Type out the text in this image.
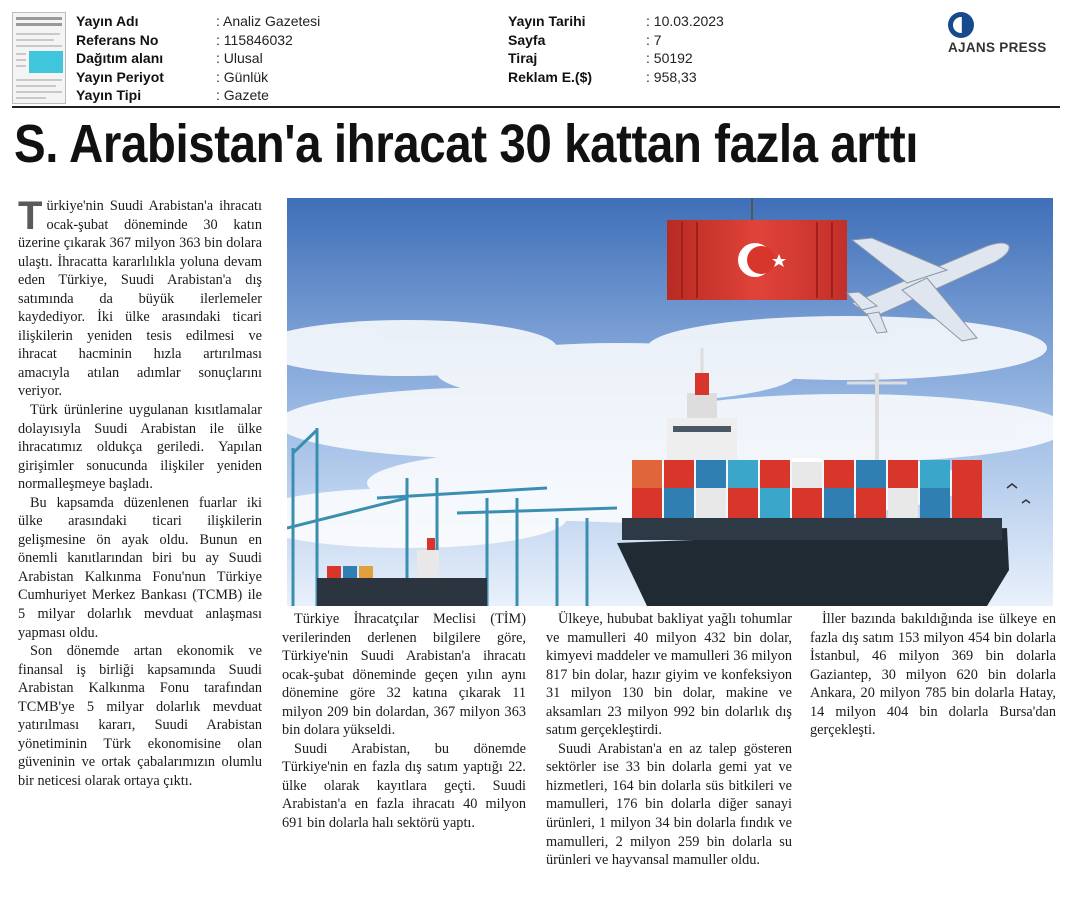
Yayın Adı	: Analiz Gazetesi
Referans No	: 115846032
Dağıtım alanı	: Ulusal
Yayın Periyot	: Günlük
Yayın Tipi	: Gazete
Yayın Tarihi	: 10.03.2023
Sayfa	: 7
Tiraj	: 50192
Reklam E.($)	: 958,33
AJANS PRESS
S. Arabistan'a ihracat 30 kattan fazla arttı

Türkiye'nin Suudi Arabistan'a ihracatı ocak-şubat döneminde 30 katın üzerine çıkarak 367 milyon 363 bin dolara ulaştı. İhracatta kararlılıkla yoluna devam eden Türkiye, Suudi Arabistan'a dış satımında da büyük ilerlemeler kaydediyor. İki ülke arasındaki ticari ilişkilerin yeniden tesis edilmesi ve ihracat hacminin hızla artırılması amacıyla atılan adımlar sonuçlarını veriyor.

Türk ürünlerine uygulanan kısıtlamalar dolayısıyla Suudi Arabistan ile ülke ihracatımız oldukça geriledi. Yapılan girişimler sonucunda ilişkiler yeniden normalleşmeye başladı.

Bu kapsamda düzenlenen fuarlar iki ülke arasındaki ticari ilişkilerin gelişmesine ön ayak oldu. Bunun en önemli kanıtlarından biri bu ay Suudi Arabistan Kalkınma Fonu'nun Türkiye Cumhuriyet Merkez Bankası (TCMB) ile 5 milyar dolarlık mevduat anlaşması yapması oldu.

Son dönemde artan ekonomik ve finansal iş birliği kapsamında Suudi Arabistan Kalkınma Fonu tarafından TCMB'ye 5 milyar dolarlık mevduat yatırılması kararı, Suudi Arabistan yönetiminin Türk ekonomisine olan güveninin ve ortak çabalarımızın olumlu bir neticesi olarak ortaya çıktı.

Türkiye İhracatçılar Meclisi (TİM) verilerinden derlenen bilgilere göre, Türkiye'nin Suudi Arabistan'a ihracatı ocak-şubat döneminde geçen yılın aynı dönemine göre 32 katına çıkarak 11 milyon 209 bin dolardan, 367 milyon 363 bin dolara yükseldi.

Suudi Arabistan, bu dönemde Türkiye'nin en fazla dış satım yaptığı 22. ülke olarak kayıtlara geçti. Suudi Arabistan'a en fazla ihracatı 40 milyon 691 bin dolarla halı sektörü yaptı.

Ülkeye, hububat bakliyat yağlı tohumlar ve mamulleri 40 milyon 432 bin dolar, kimyevi maddeler ve mamulleri 36 milyon 817 bin dolar, hazır giyim ve konfeksiyon 31 milyon 130 bin dolar, makine ve aksamları 23 milyon 992 bin dolarlık dış satım gerçekleştirdi.

Suudi Arabistan'a en az talep gösteren sektörler ise 33 bin dolarla gemi yat ve hizmetleri, 164 bin dolarla süs bitkileri ve mamulleri, 176 bin dolarla diğer sanayi ürünleri, 1 milyon 34 bin dolarla fındık ve mamulleri, 2 milyon 259 bin dolarla su ürünleri ve hayvansal mamuller oldu.

İller bazında bakıldığında ise ülkeye en fazla dış satım 153 milyon 454 bin dolarla İstanbul, 46 milyon 369 bin dolarla Gaziantep, 30 milyon 620 bin dolarla Ankara, 20 milyon 785 bin dolarla Hatay, 14 milyon 404 bin dolarla Bursa'dan gerçekleşti.
